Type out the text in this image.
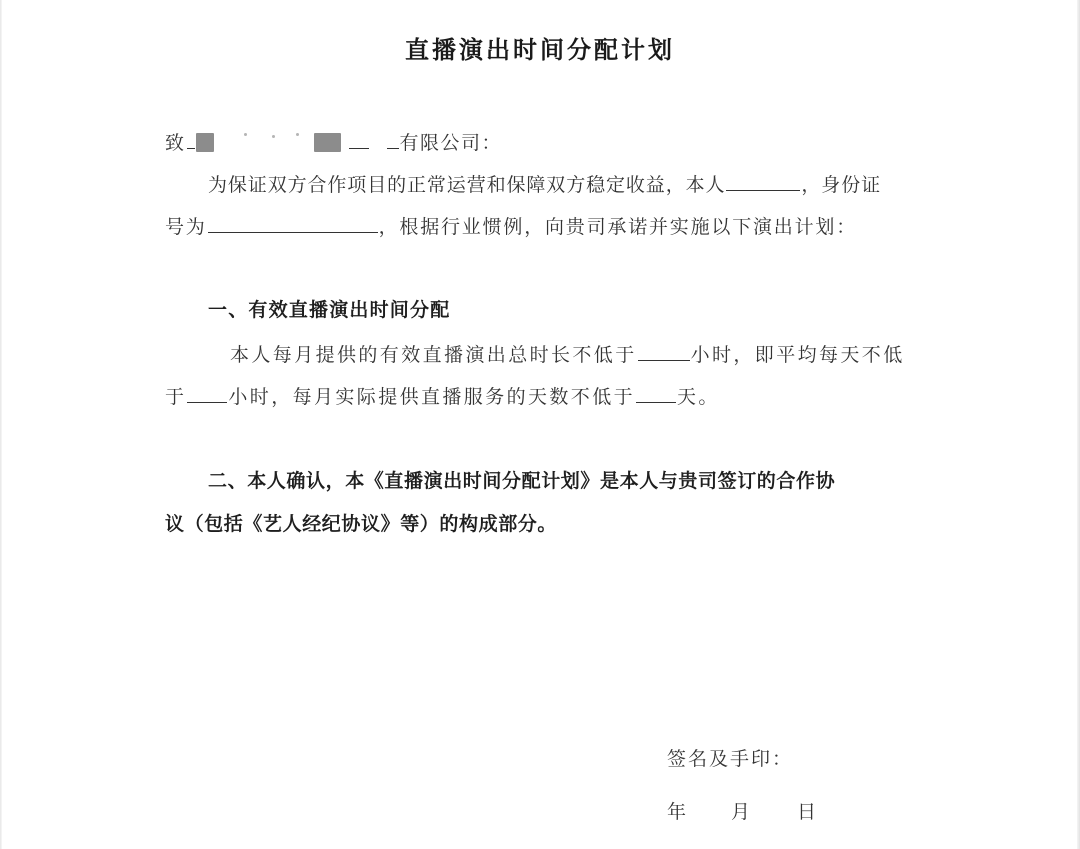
直播演出时间分配计划
致	有限公司：
为保证双方合作项目的正常运营和保障双方稳定收益，本人	，身份证
号为	，根据行业惯例，向贵司承诺并实施以下演出计划：
一、有效直播演出时间分配
本人每月提供的有效直播演出总时长不低于	小时，即平均每天不低
于 小时，每月实际提供直播服务的天数不低于 天。
二、本人确认，本《直播演出时间分配计划》是本人与贵司签订的合作协
议（包括《艺人经纪协议》等）的构成部分。
签名及手印：
年 月 日
